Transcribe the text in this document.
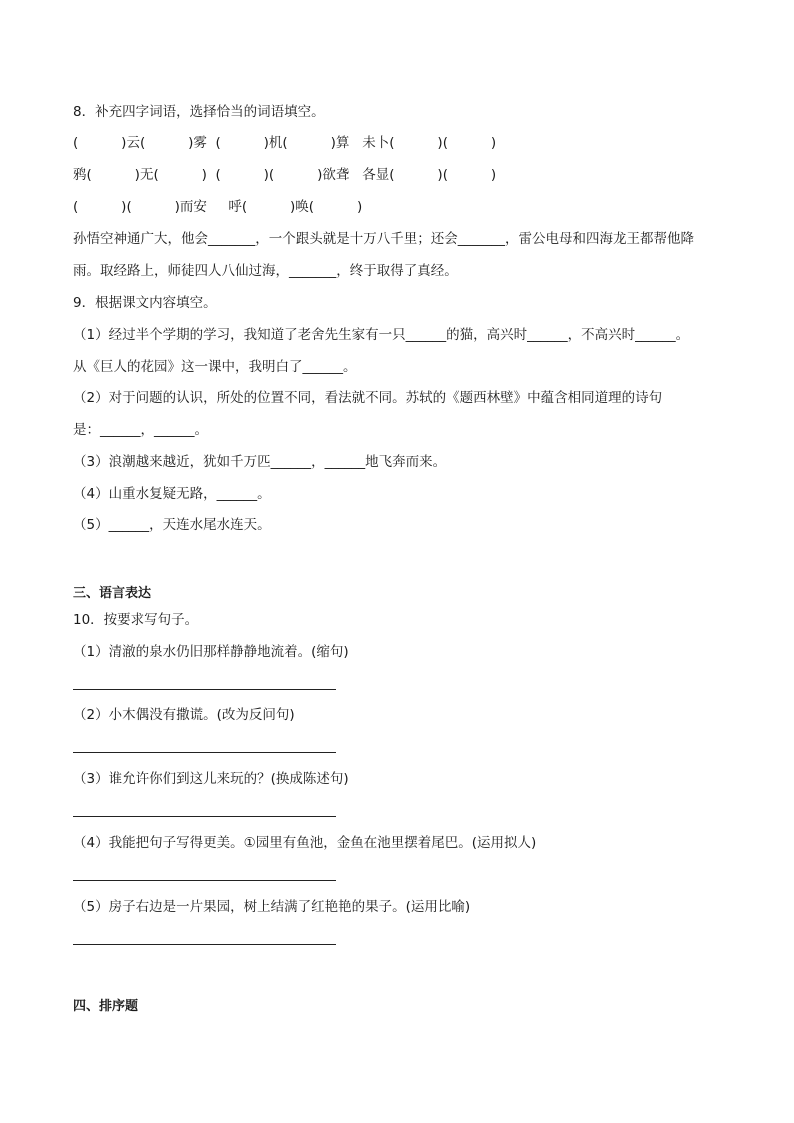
8．补充四字词语，选择恰当的词语填空。

(          )云(          )雾  (          )机(          )算   未卜(          )(          )

鸦(          )无(          )  (          )(          )欲聋   各显(          )(          )

(          )(          )而安     呼(          )唤(          )

孙悟空神通广大，他会_______，一个跟头就是十万八千里；还会_______，雷公电母和四海龙王都帮他降

雨。取经路上，师徒四人八仙过海，_______，终于取得了真经。

9．根据课文内容填空。

（1）经过半个学期的学习，我知道了老舍先生家有一只______的猫，高兴时______，不高兴时______。

从《巨人的花园》这一课中，我明白了______。

（2）对于问题的认识，所处的位置不同，看法就不同。苏轼的《题西林壁》中蕴含相同道理的诗句

是：______，______。

（3）浪潮越来越近，犹如千万匹______，______地飞奔而来。

（4）山重水复疑无路，______。

（5）______，天连水尾水连天。

三、语言表达

10．按要求写句子。

（1）清澈的泉水仍旧那样静静地流着。(缩句)

（2）小木偶没有撒谎。(改为反问句)

（3）谁允许你们到这儿来玩的？(换成陈述句)

（4）我能把句子写得更美。①园里有鱼池，金鱼在池里摆着尾巴。(运用拟人)

（5）房子右边是一片果园，树上结满了红艳艳的果子。(运用比喻)

四、排序题
